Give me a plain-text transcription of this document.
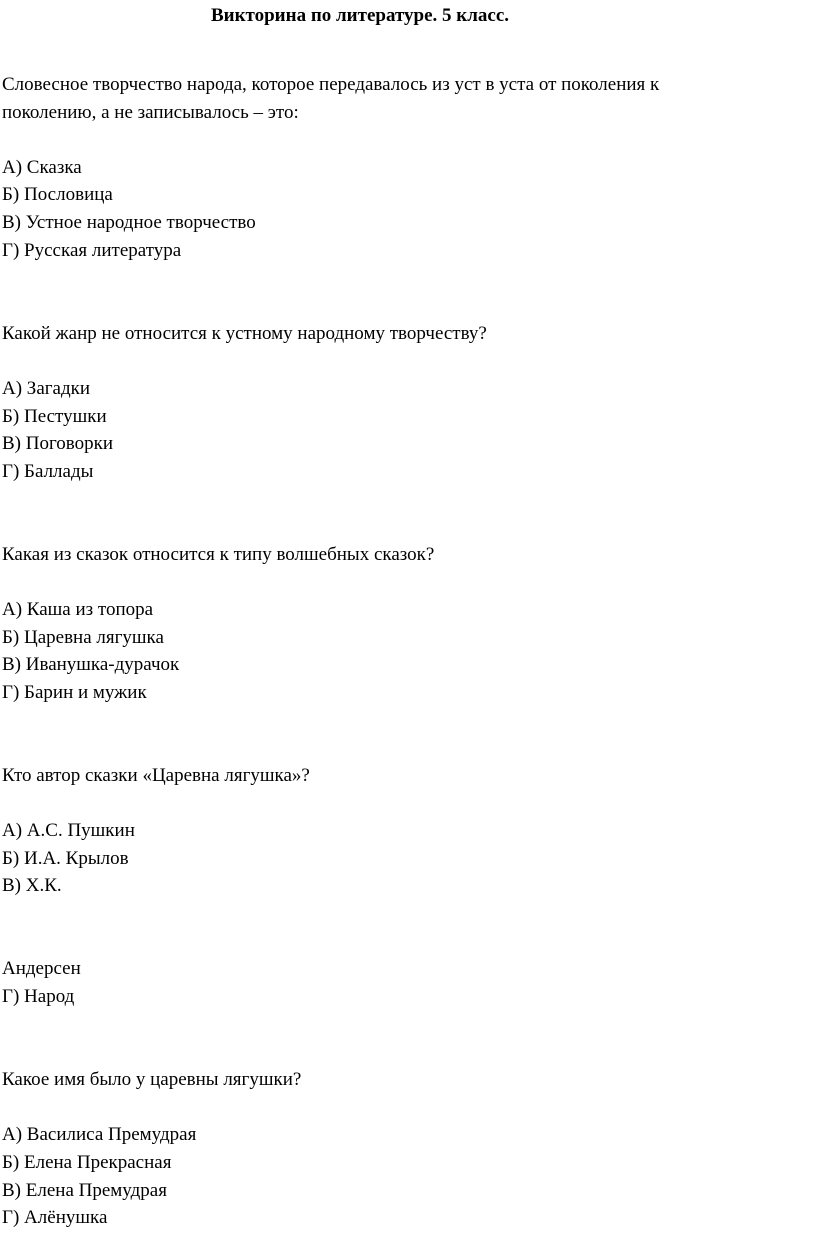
Викторина по литературе. 5 класс.
Словесное творчество народа, которое передавалось из уст в уста от поколения к
поколению, а не записывалось – это:
А) Сказка
Б) Пословица
В) Устное народное творчество
Г) Русская литература
Какой жанр не относится к устному народному творчеству?
А) Загадки
Б) Пестушки
В) Поговорки
Г) Баллады
Какая из сказок относится к типу волшебных сказок?
А) Каша из топора
Б) Царевна лягушка
В) Иванушка-дурачок
Г) Барин и мужик
Кто автор сказки «Царевна лягушка»?
А) А.С. Пушкин
Б) И.А. Крылов
В) Х.К.
Андерсен
Г) Народ
Какое имя было у царевны лягушки?
А) Василиса Премудрая
Б) Елена Прекрасная
В) Елена Премудрая
Г) Алёнушка
